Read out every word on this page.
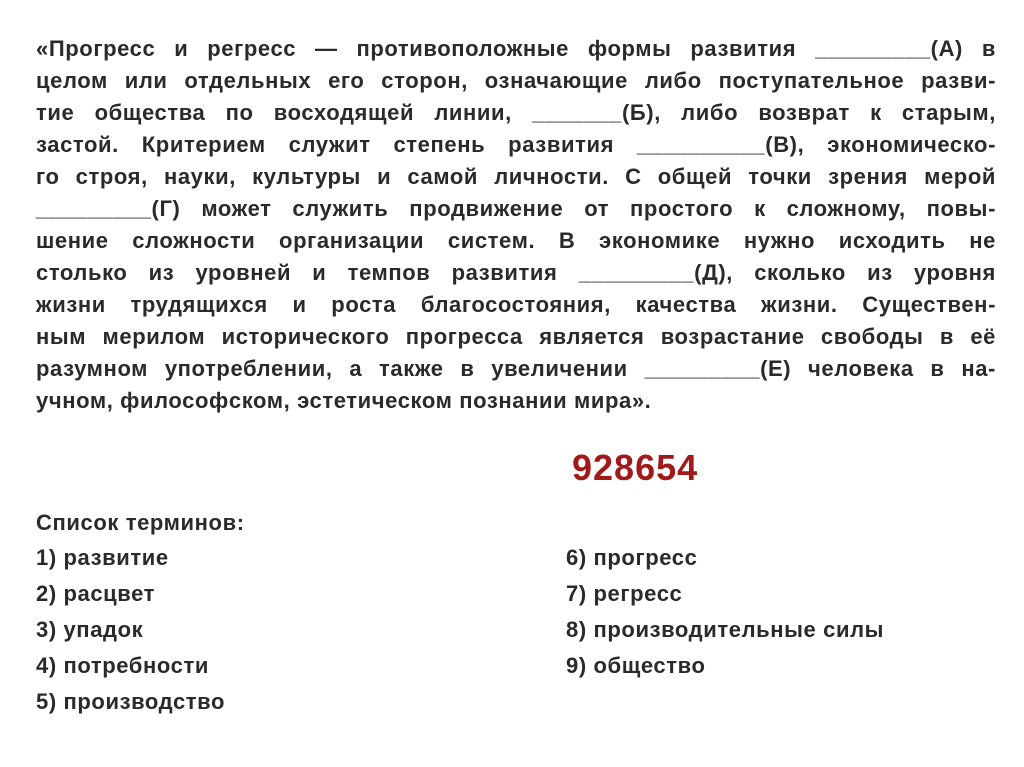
«Прогресс и регресс — противоположные формы развития _________(А) в
целом или отдельных его сторон, означающие либо поступательное разви-
тие общества по восходящей линии, _______(Б), либо возврат к старым,
застой. Критерием служит степень развития __________(В), экономическо-
го строя, науки, культуры и самой личности. С общей точки зрения мерой
_________(Г) может служить продвижение от простого к сложному, повы-
шение сложности организации систем. В экономике нужно исходить не
столько из уровней и темпов развития _________(Д), сколько из уровня
жизни трудящихся и роста благосостояния, качества жизни. Существен-
ным мерилом исторического прогресса является возрастание свободы в её
разумном употреблении, а также в увеличении _________(Е) человека в на-
учном, философском, эстетическом познании мира».
928654
Список терминов:
1) развитие
2) расцвет
3) упадок
4) потребности
5) производство
6) прогресс
7) регресс
8) производительные силы
9) общество
